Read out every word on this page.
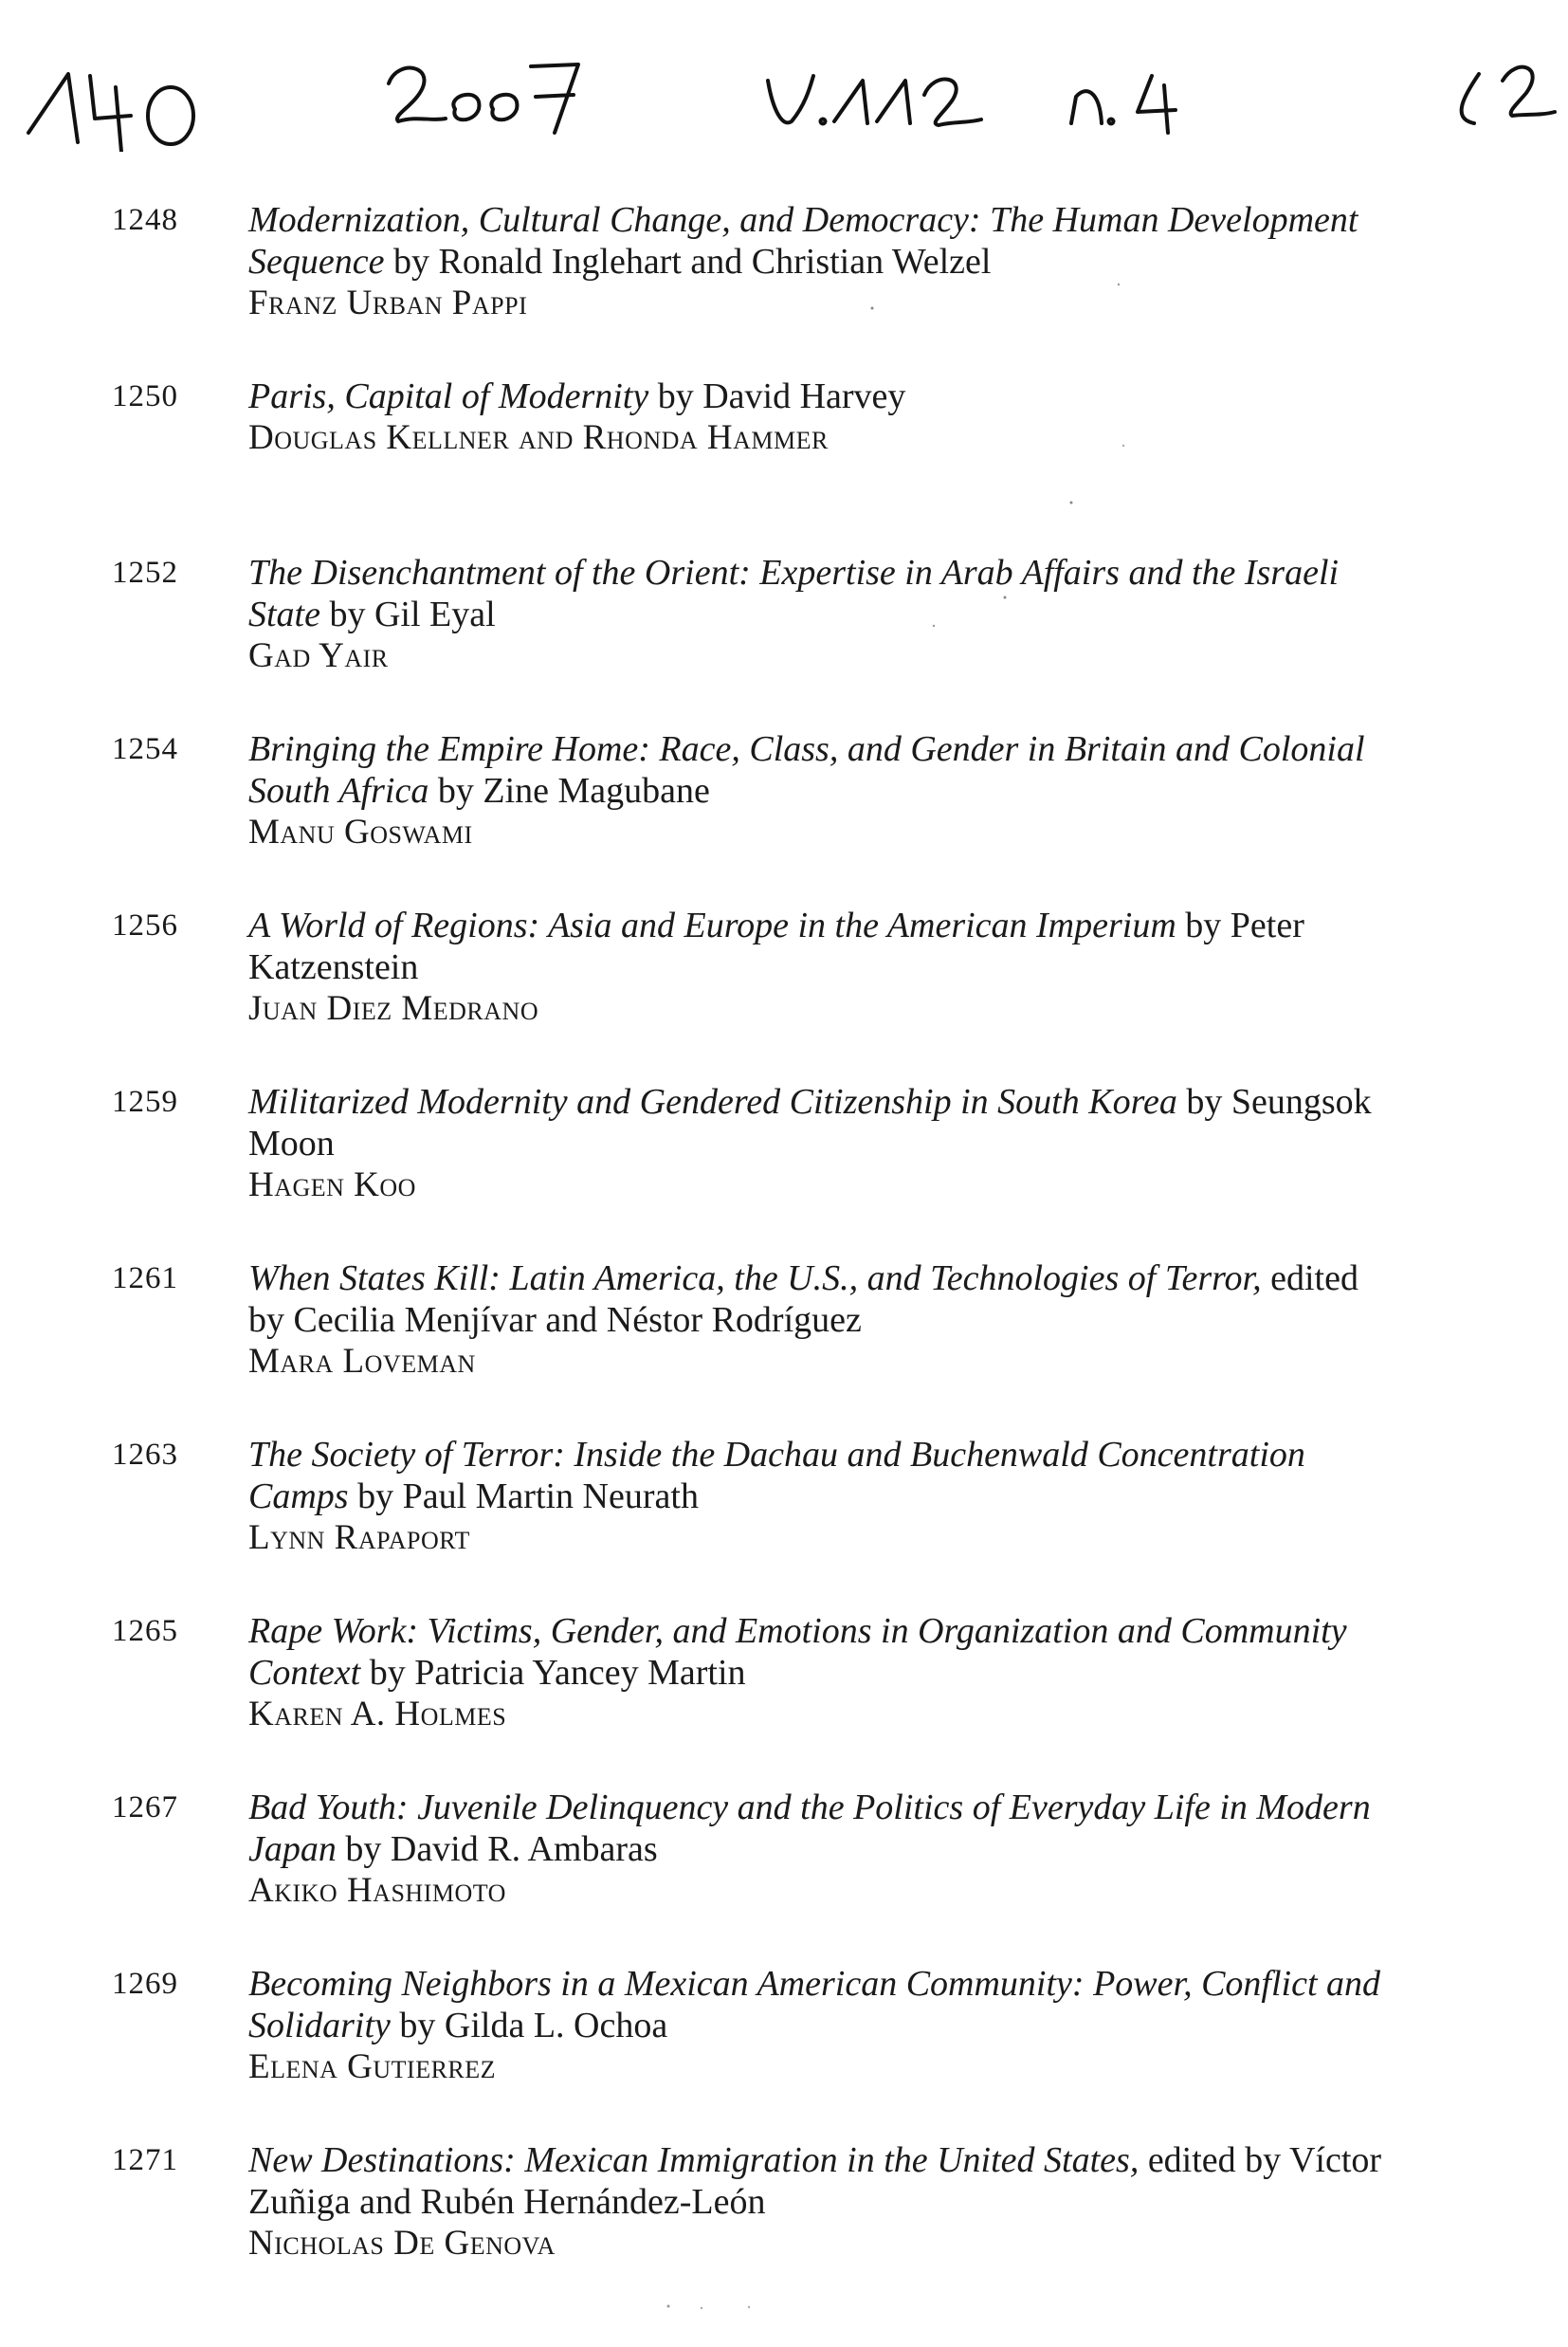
1248	Modernization, Cultural Change, and Democracy: The Human Development Sequence by Ronald Inglehart and Christian Welzel
Franz Urban Pappi
1250	Paris, Capital of Modernity by David Harvey
Douglas Kellner and Rhonda Hammer
1252	The Disenchantment of the Orient: Expertise in Arab Affairs and the Israeli State by Gil Eyal
Gad Yair
1254	Bringing the Empire Home: Race, Class, and Gender in Britain and Colonial South Africa by Zine Magubane
Manu Goswami
1256	A World of Regions: Asia and Europe in the American Imperium by Peter Katzenstein
Juan Diez Medrano
1259	Militarized Modernity and Gendered Citizenship in South Korea by Seungsok Moon
Hagen Koo
1261	When States Kill: Latin America, the U.S., and Technologies of Terror, edited by Cecilia Menjívar and Néstor Rodríguez
Mara Loveman
1263	The Society of Terror: Inside the Dachau and Buchenwald Concentration Camps by Paul Martin Neurath
Lynn Rapaport
1265	Rape Work: Victims, Gender, and Emotions in Organization and Community Context by Patricia Yancey Martin
Karen A. Holmes
1267	Bad Youth: Juvenile Delinquency and the Politics of Everyday Life in Modern Japan by David R. Ambaras
Akiko Hashimoto
1269	Becoming Neighbors in a Mexican American Community: Power, Conflict and Solidarity by Gilda L. Ochoa
Elena Gutierrez
1271	New Destinations: Mexican Immigration in the United States, edited by Víctor Zuñiga and Rubén Hernández-León
Nicholas De Genova
